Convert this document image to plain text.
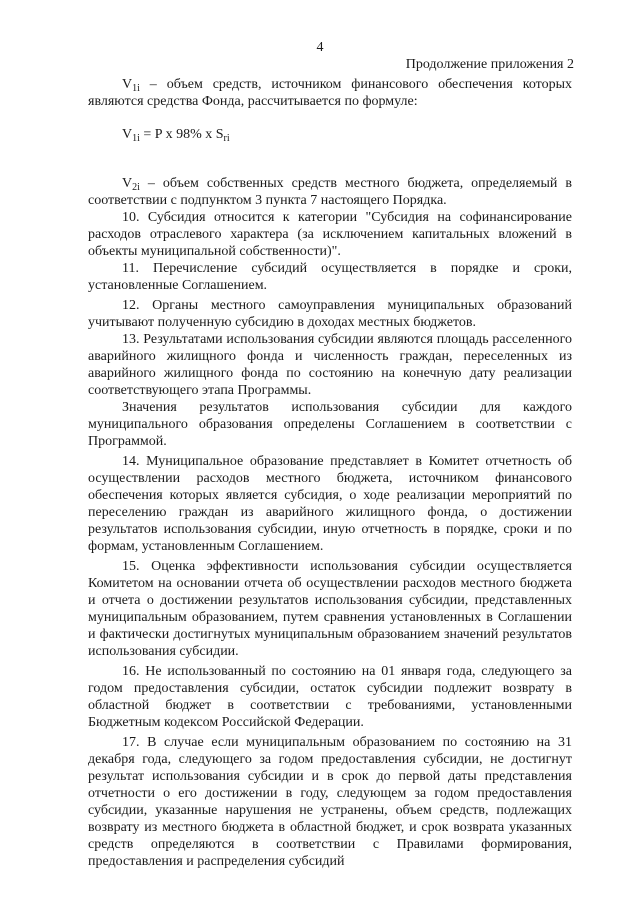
4
Продолжение приложения 2

$V_{1i}$ – объем средств, источником финансового обеспечения которых являются средства Фонда, рассчитывается по формуле:

$V_{1i} = P$ x 98% x $S_{ri}$

$V_{2i}$ – объем собственных средств местного бюджета, определяемый в соответствии с подпунктом 3 пункта 7 настоящего Порядка.

10. Субсидия относится к категории "Субсидия на софинансирование расходов отраслевого характера (за исключением капитальных вложений в объекты муниципальной собственности)".

11. Перечисление субсидий осуществляется в порядке и сроки, установленные Соглашением.

12. Органы местного самоуправления муниципальных образований учитывают полученную субсидию в доходах местных бюджетов.

13. Результатами использования субсидии являются площадь расселенного аварийного жилищного фонда и численность граждан, переселенных из аварийного жилищного фонда по состоянию на конечную дату реализации соответствующего этапа Программы.

Значения результатов использования субсидии для каждого муниципального образования определены Соглашением в соответствии с Программой.

14. Муниципальное образование представляет в Комитет отчетность об осуществлении расходов местного бюджета, источником финансового обеспечения которых является субсидия, о ходе реализации мероприятий по переселению граждан из аварийного жилищного фонда, о достижении результатов использования субсидии, иную отчетность в порядке, сроки и по формам, установленным Соглашением.

15. Оценка эффективности использования субсидии осуществляется Комитетом на основании отчета об осуществлении расходов местного бюджета и отчета о достижении результатов использования субсидии, представленных муниципальным образованием, путем сравнения установленных в Соглашении и фактически достигнутых муниципальным образованием значений результатов использования субсидии.

16. Не использованный по состоянию на 01 января года, следующего за годом предоставления субсидии, остаток субсидии подлежит возврату в областной бюджет в соответствии с требованиями, установленными Бюджетным кодексом Российской Федерации.

17. В случае если муниципальным образованием по состоянию на 31 декабря года, следующего за годом предоставления субсидии, не достигнут результат использования субсидии и в срок до первой даты представления отчетности о его достижении в году, следующем за годом предоставления субсидии, указанные нарушения не устранены, объем средств, подлежащих возврату из местного бюджета в областной бюджет, и срок возврата указанных средств определяются в соответствии с Правилами формирования, предоставления и распределения субсидий
